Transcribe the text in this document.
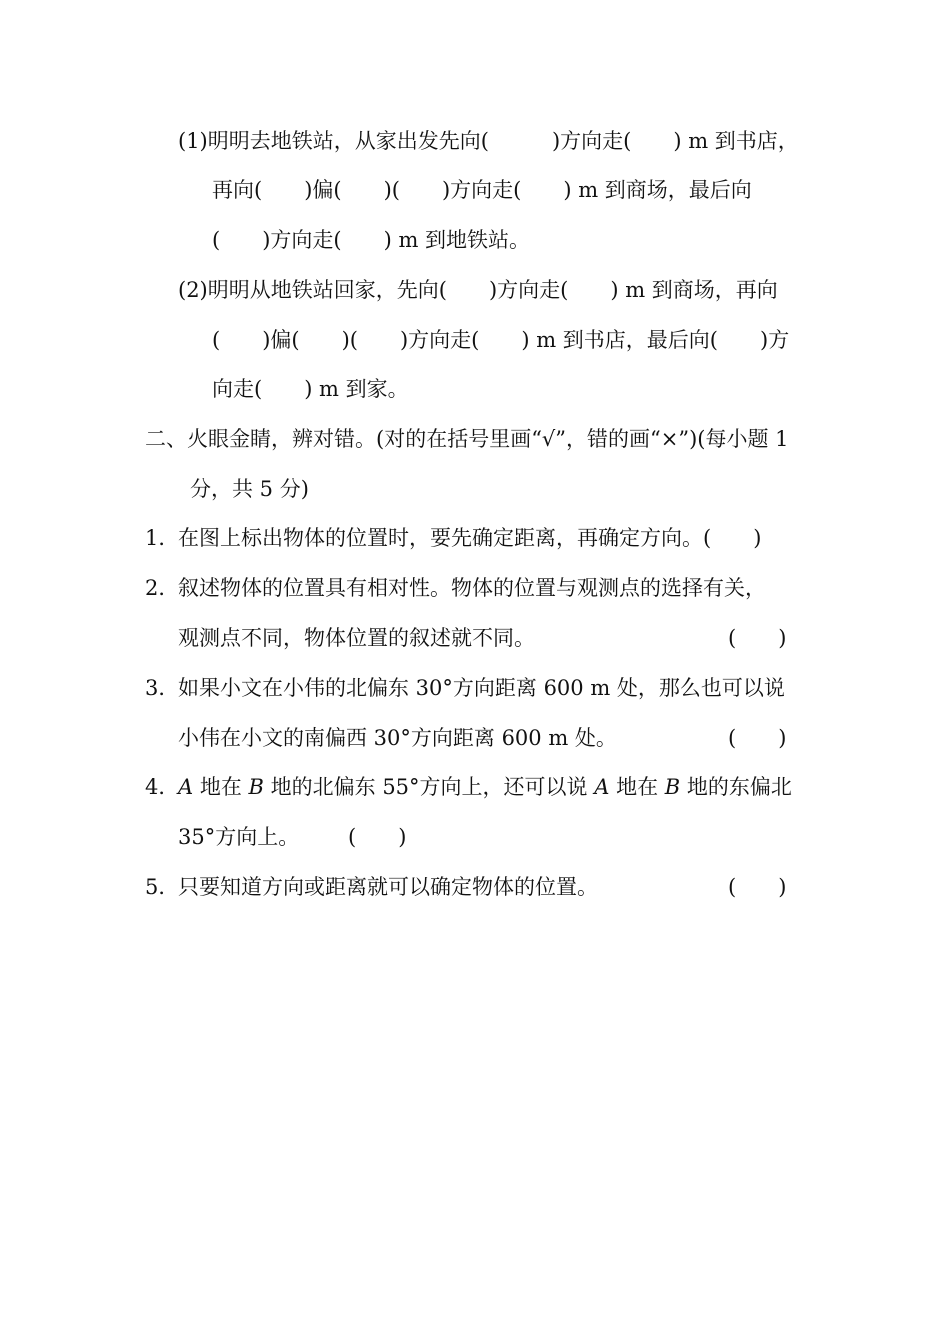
(1)明明去地铁站，从家出发先向(　　　)方向走(　　) m 到书店，
再向(　　)偏(　　)(　　)方向走(　　) m 到商场，最后向
(　　)方向走(　　) m 到地铁站。
(2)明明从地铁站回家，先向(　　)方向走(　　) m 到商场，再向
(　　)偏(　　)(　　)方向走(　　) m 到书店，最后向(　　)方
向走(　　) m 到家。
二、火眼金睛，辨对错。(对的在括号里画“√”，错的画“×”)(每小题 1
分，共 5 分)
1．
在图上标出物体的位置时，要先确定距离，再确定方向。(　　)
2．
叙述物体的位置具有相对性。物体的位置与观测点的选择有关，
观测点不同，物体位置的叙述就不同。	(　　)
3．
如果小文在小伟的北偏东 30°方向距离 600 m 处，那么也可以说
小伟在小文的南偏西 30°方向距离 600 m 处。	(　　)
4．
A 地在 B 地的北偏东 55°方向上，还可以说 A 地在 B 地的东偏北
35°方向上。 (　　)
5．
只要知道方向或距离就可以确定物体的位置。	(　　)
